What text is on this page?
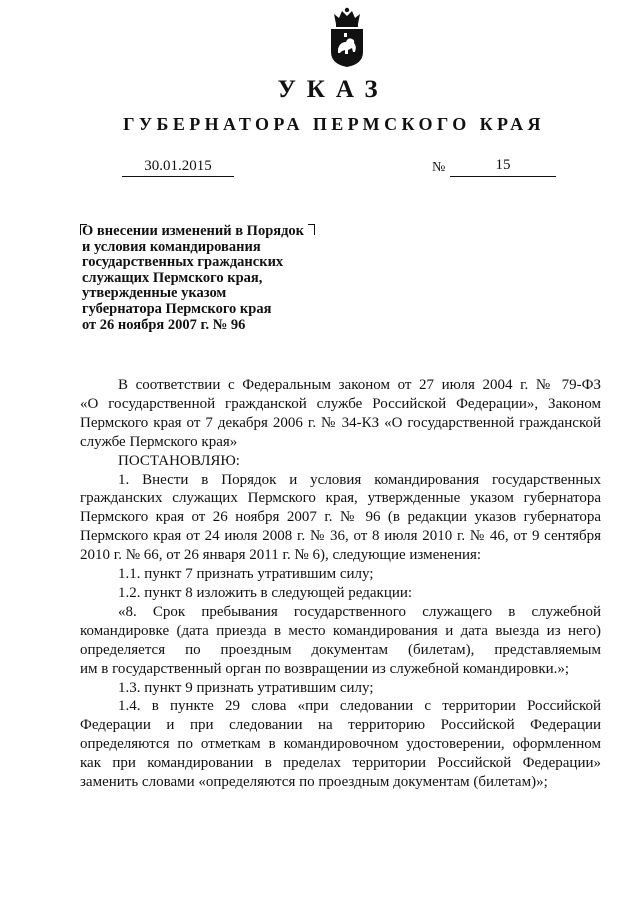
УКАЗ
ГУБЕРНАТОРА ПЕРМСКОГО КРАЯ
30.01.2015	№	15
О внесении изменений в Порядок
и условия командирования
государственных гражданских
служащих Пермского края,
утвержденные указом
губернатора Пермского края
от 26 ноября 2007 г. № 96
В соответствии с Федеральным законом от 27 июля 2004 г. № 79-ФЗ
«О государственной гражданской службе Российской Федерации», Законом
Пермского края от 7 декабря 2006 г. № 34-КЗ «О государственной гражданской
службе Пермского края»
ПОСТАНОВЛЯЮ:
1. Внести в Порядок и условия командирования государственных
гражданских служащих Пермского края, утвержденные указом губернатора
Пермского края от 26 ноября 2007 г. № 96 (в редакции указов губернатора
Пермского края от 24 июля 2008 г. № 36, от 8 июля 2010 г. № 46, от 9 сентября
2010 г. № 66, от 26 января 2011 г. № 6), следующие изменения:
1.1. пункт 7 признать утратившим силу;
1.2. пункт 8 изложить в следующей редакции:
«8. Срок пребывания государственного служащего в служебной
командировке (дата приезда в место командирования и дата выезда из него)
определяется по проездным документам (билетам), представляемым
им в государственный орган по возвращении из служебной командировки.»;
1.3. пункт 9 признать утратившим силу;
1.4. в пункте 29 слова «при следовании с территории Российской
Федерации и при следовании на территорию Российской Федерации
определяются по отметкам в командировочном удостоверении, оформленном
как при командировании в пределах территории Российской Федерации»
заменить словами «определяются по проездным документам (билетам)»;
